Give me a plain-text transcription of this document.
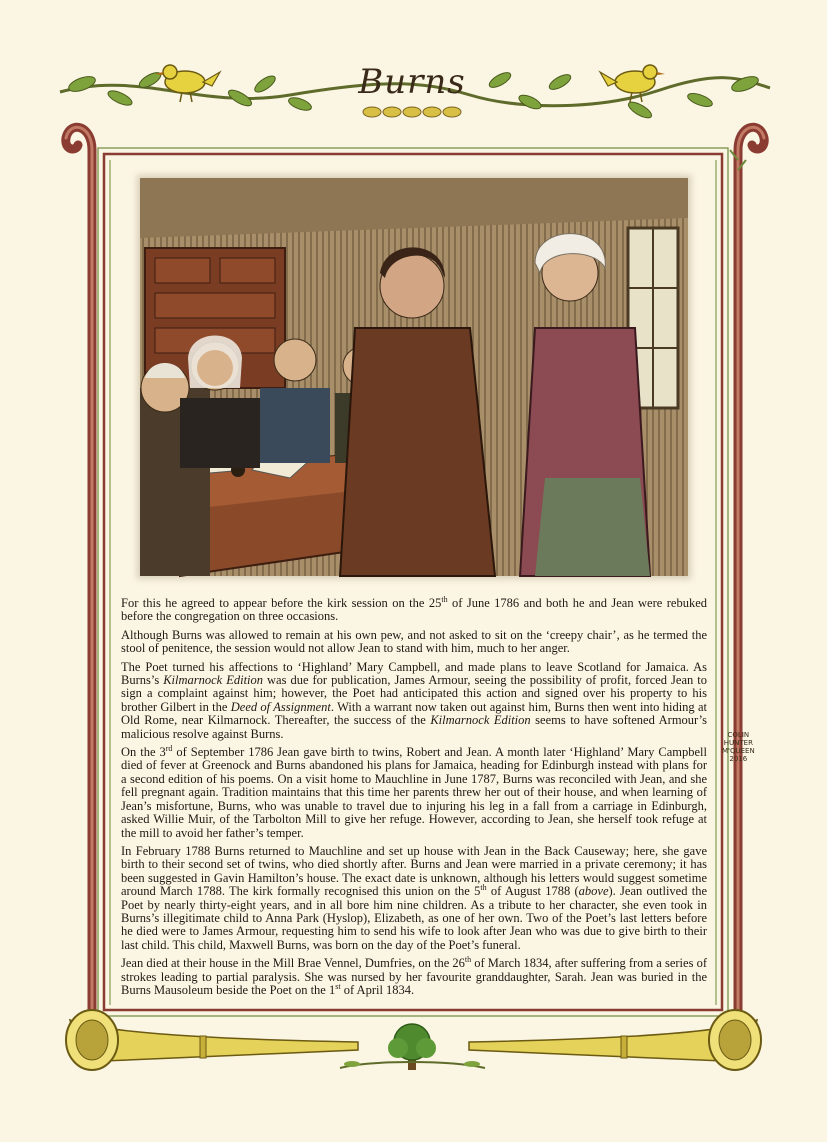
Burns
COLIN HUNTER M'QUEEN
2016

For this he agreed to appear before the kirk session on the 25th of June 1786 and both he and Jean were rebuked before the congregation on three occasions.

Although Burns was allowed to remain at his own pew, and not asked to sit on the ‘creepy chair’, as he termed the stool of penitence, the session would not allow Jean to stand with him, much to her anger.

The Poet turned his affections to ‘Highland’ Mary Campbell, and made plans to leave Scotland for Jamaica. As Burns’s Kilmarnock Edition was due for publication, James Armour, seeing the possibility of profit, forced Jean to sign a complaint against him; however, the Poet had anticipated this action and signed over his property to his brother Gilbert in the Deed of Assignment. With a warrant now taken out against him, Burns then went into hiding at Old Rome, near Kilmarnock. Thereafter, the success of the Kilmarnock Edition seems to have softened Armour’s malicious resolve against Burns.

On the 3rd of September 1786 Jean gave birth to twins, Robert and Jean. A month later ‘Highland’ Mary Campbell died of fever at Greenock and Burns abandoned his plans for Jamaica, heading for Edinburgh instead with plans for a second edition of his poems. On a visit home to Mauchline in June 1787, Burns was reconciled with Jean, and she fell pregnant again. Tradition maintains that this time her parents threw her out of their house, and when learning of Jean’s misfortune, Burns, who was unable to travel due to injuring his leg in a fall from a carriage in Edinburgh, asked Willie Muir, of the Tarbolton Mill to give her refuge. However, according to Jean, she herself took refuge at the mill to avoid her father’s temper.

In February 1788 Burns returned to Mauchline and set up house with Jean in the Back Causeway; here, she gave birth to their second set of twins, who died shortly after. Burns and Jean were married in a private ceremony; it has been suggested in Gavin Hamilton’s house. The exact date is unknown, although his letters would suggest sometime around March 1788. The kirk formally recognised this union on the 5th of August 1788 (above). Jean outlived the Poet by nearly thirty-eight years, and in all bore him nine children. As a tribute to her character, she even took in Burns’s illegitimate child to Anna Park (Hyslop), Elizabeth, as one of her own. Two of the Poet’s last letters before he died were to James Armour, requesting him to send his wife to look after Jean who was due to give birth to their last child. This child, Maxwell Burns, was born on the day of the Poet’s funeral.

Jean died at their house in the Mill Brae Vennel, Dumfries, on the 26th of March 1834, after suffering from a series of strokes leading to partial paralysis. She was nursed by her favourite granddaughter, Sarah. Jean was buried in the Burns Mausoleum beside the Poet on the 1st of April 1834.
